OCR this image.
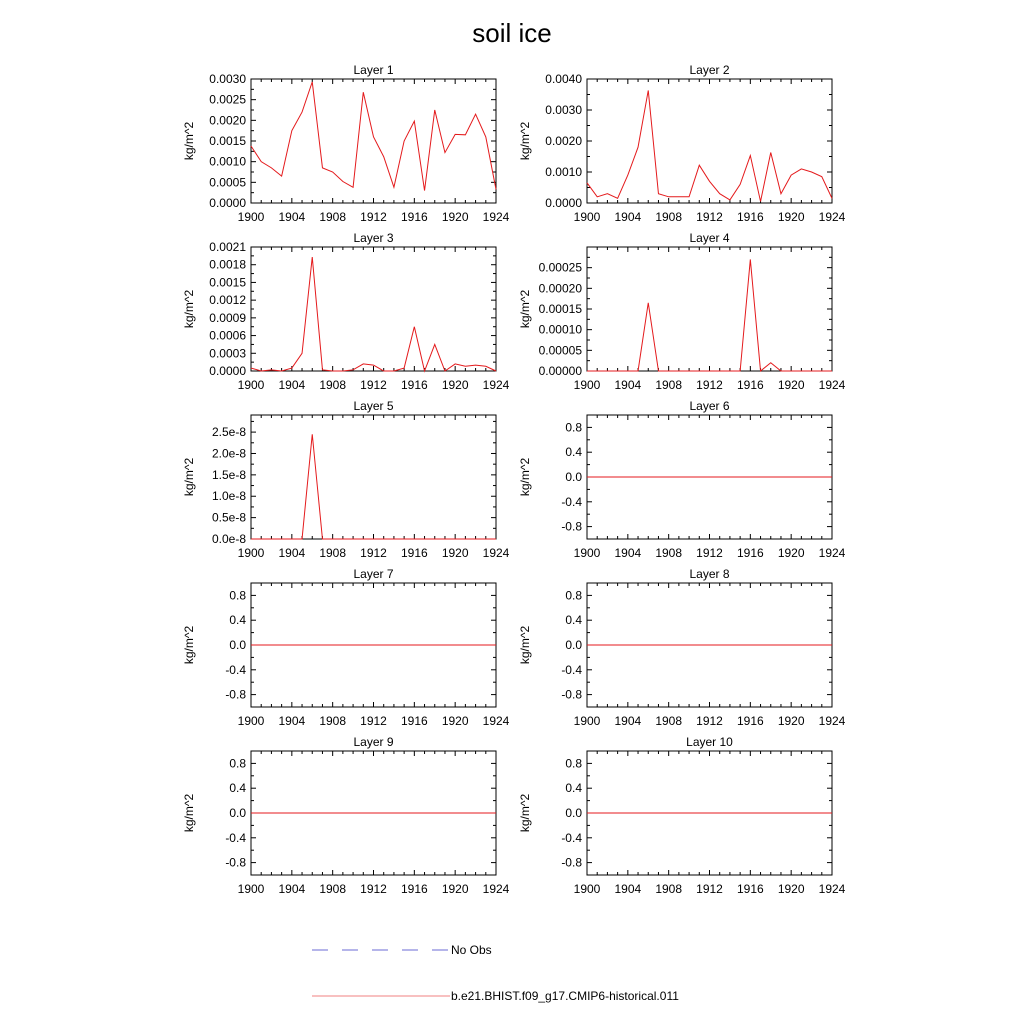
soil ice
Layer 1
1900 1904 1908 1912 1916 1920 1924
0.0000
0.0005
0.0010
0.0015
0.0020
0.0025
0.0030
kg/m^2
Layer 2
1900 1904 1908 1912 1916 1920 1924
0.0000
0.0010
0.0020
0.0030
0.0040
kg/m^2
Layer 3
1900 1904 1908 1912 1916 1920 1924
0.0000
0.0003
0.0006
0.0009
0.0012
0.0015
0.0018
0.0021
kg/m^2
Layer 4
1900 1904 1908 1912 1916 1920 1924
0.00000
0.00005
0.00010
0.00015
0.00020
0.00025
kg/m^2
Layer 5
1900 1904 1908 1912 1916 1920 1924
0.0e-8
0.5e-8
1.0e-8
1.5e-8
2.0e-8
2.5e-8
kg/m^2
Layer 6
1900 1904 1908 1912 1916 1920 1924
-0.8
-0.4
0.0
0.4
0.8
kg/m^2
Layer 7
1900 1904 1908 1912 1916 1920 1924
-0.8
-0.4
0.0
0.4
0.8
kg/m^2
Layer 8
1900 1904 1908 1912 1916 1920 1924
-0.8
-0.4
0.0
0.4
0.8
kg/m^2
Layer 9
1900 1904 1908 1912 1916 1920 1924
-0.8
-0.4
0.0
0.4
0.8
kg/m^2
Layer 10
1900 1904 1908 1912 1916 1920 1924
-0.8
-0.4
0.0
0.4
0.8
kg/m^2
No Obs
b.e21.BHIST.f09_g17.CMIP6-historical.011
